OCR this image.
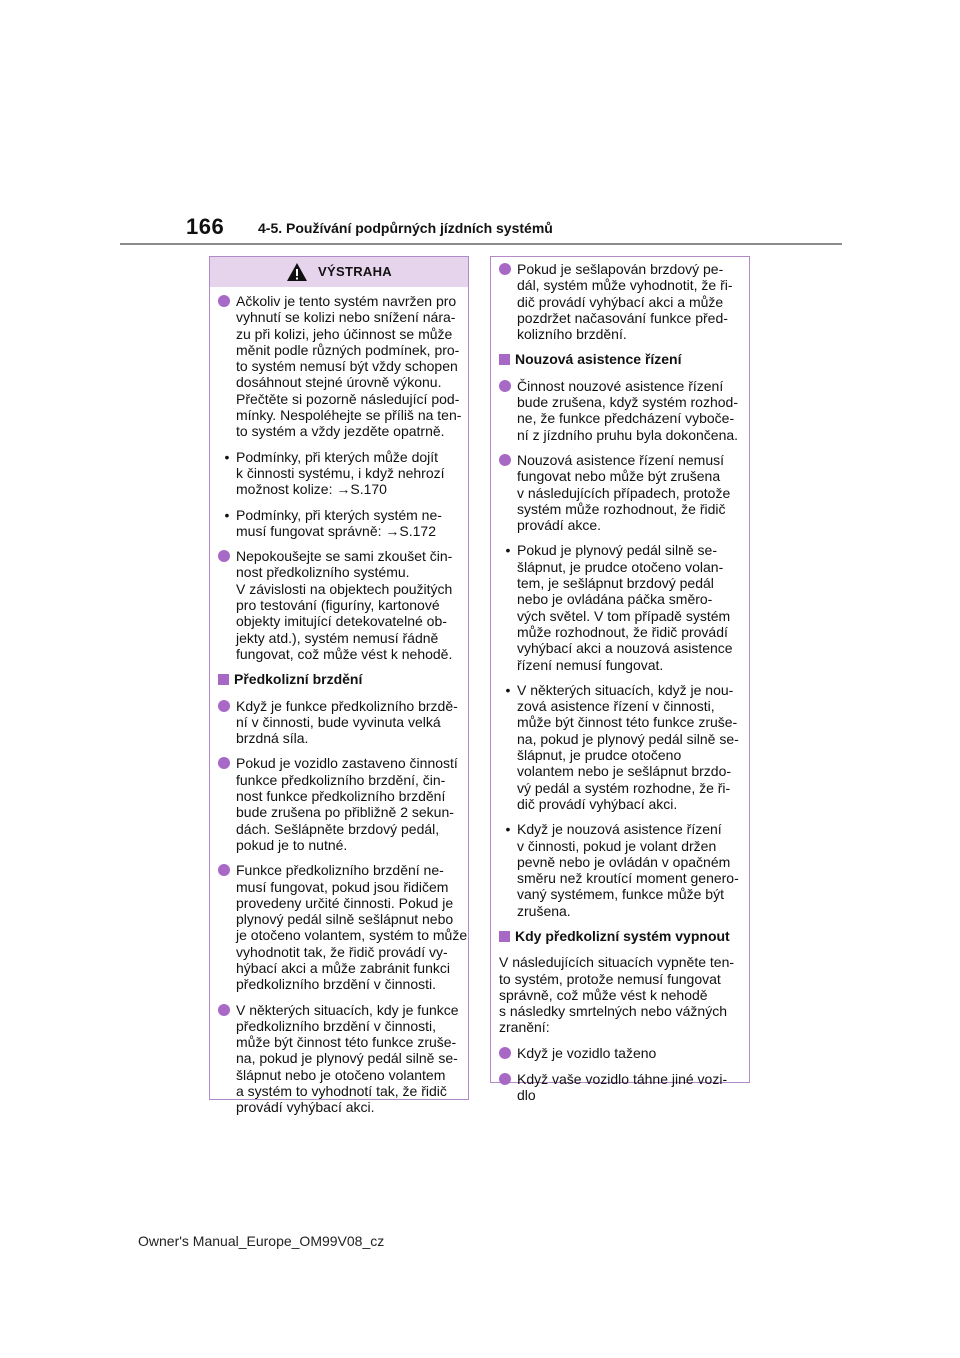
166 4-5. Používání podpůrných jízdních systémů
VÝSTRAHA
Ačkoliv je tento systém navržen pro
vyhnutí se kolizi nebo snížení nára-
zu při kolizi, jeho účinnost se může
měnit podle různých podmínek, pro-
to systém nemusí být vždy schopen
dosáhnout stejné úrovně výkonu.
Přečtěte si pozorně následující pod-
mínky. Nespoléhejte se příliš na ten-
to systém a vždy jezděte opatrně.
• Podmínky, při kterých může dojít
k činnosti systému, i když nehrozí
možnost kolize: →S.170
• Podmínky, při kterých systém ne-
musí fungovat správně: →S.172
Nepokoušejte se sami zkoušet čin-
nost předkolizního systému.
V závislosti na objektech použitých
pro testování (figuríny, kartonové
objekty imitující detekovatelné ob-
jekty atd.), systém nemusí řádně
fungovat, což může vést k nehodě.
Předkolizní brzdění
Když je funkce předkolizního brzdě-
ní v činnosti, bude vyvinuta velká
brzdná síla.
Pokud je vozidlo zastaveno činností
funkce předkolizního brzdění, čin-
nost funkce předkolizního brzdění
bude zrušena po přibližně 2 sekun-
dách. Sešlápněte brzdový pedál,
pokud je to nutné.
Funkce předkolizního brzdění ne-
musí fungovat, pokud jsou řidičem
provedeny určité činnosti. Pokud je
plynový pedál silně sešlápnut nebo
je otočeno volantem, systém to může
vyhodnotit tak, že řidič provádí vy-
hýbací akci a může zabránit funkci
předkolizního brzdění v činnosti.
V některých situacích, kdy je funkce
předkolizního brzdění v činnosti,
může být činnost této funkce zruše-
na, pokud je plynový pedál silně se-
šlápnut nebo je otočeno volantem
a systém to vyhodnotí tak, že řidič
provádí vyhýbací akci.
Pokud je sešlapován brzdový pe-
dál, systém může vyhodnotit, že ři-
dič provádí vyhýbací akci a může
pozdržet načasování funkce před-
kolizního brzdění.
Nouzová asistence řízení
Činnost nouzové asistence řízení
bude zrušena, když systém rozhod-
ne, že funkce předcházení vyboče-
ní z jízdního pruhu byla dokončena.
Nouzová asistence řízení nemusí
fungovat nebo může být zrušena
v následujících případech, protože
systém může rozhodnout, že řidič
provádí akce.
• Pokud je plynový pedál silně se-
šlápnut, je prudce otočeno volan-
tem, je sešlápnut brzdový pedál
nebo je ovládána páčka směro-
vých světel. V tom případě systém
může rozhodnout, že řidič provádí
vyhýbací akci a nouzová asistence
řízení nemusí fungovat.
• V některých situacích, když je nou-
zová asistence řízení v činnosti,
může být činnost této funkce zruše-
na, pokud je plynový pedál silně se-
šlápnut, je prudce otočeno
volantem nebo je sešlápnut brzdo-
vý pedál a systém rozhodne, že ři-
dič provádí vyhýbací akci.
• Když je nouzová asistence řízení
v činnosti, pokud je volant držen
pevně nebo je ovládán v opačném
směru než kroutící moment genero-
vaný systémem, funkce může být
zrušena.
Kdy předkolizní systém vypnout
V následujících situacích vypněte ten-
to systém, protože nemusí fungovat
správně, což může vést k nehodě
s následky smrtelných nebo vážných
zranění:
Když je vozidlo taženo
Když vaše vozidlo táhne jiné vozi-
dlo
Owner's Manual_Europe_OM99V08_cz
